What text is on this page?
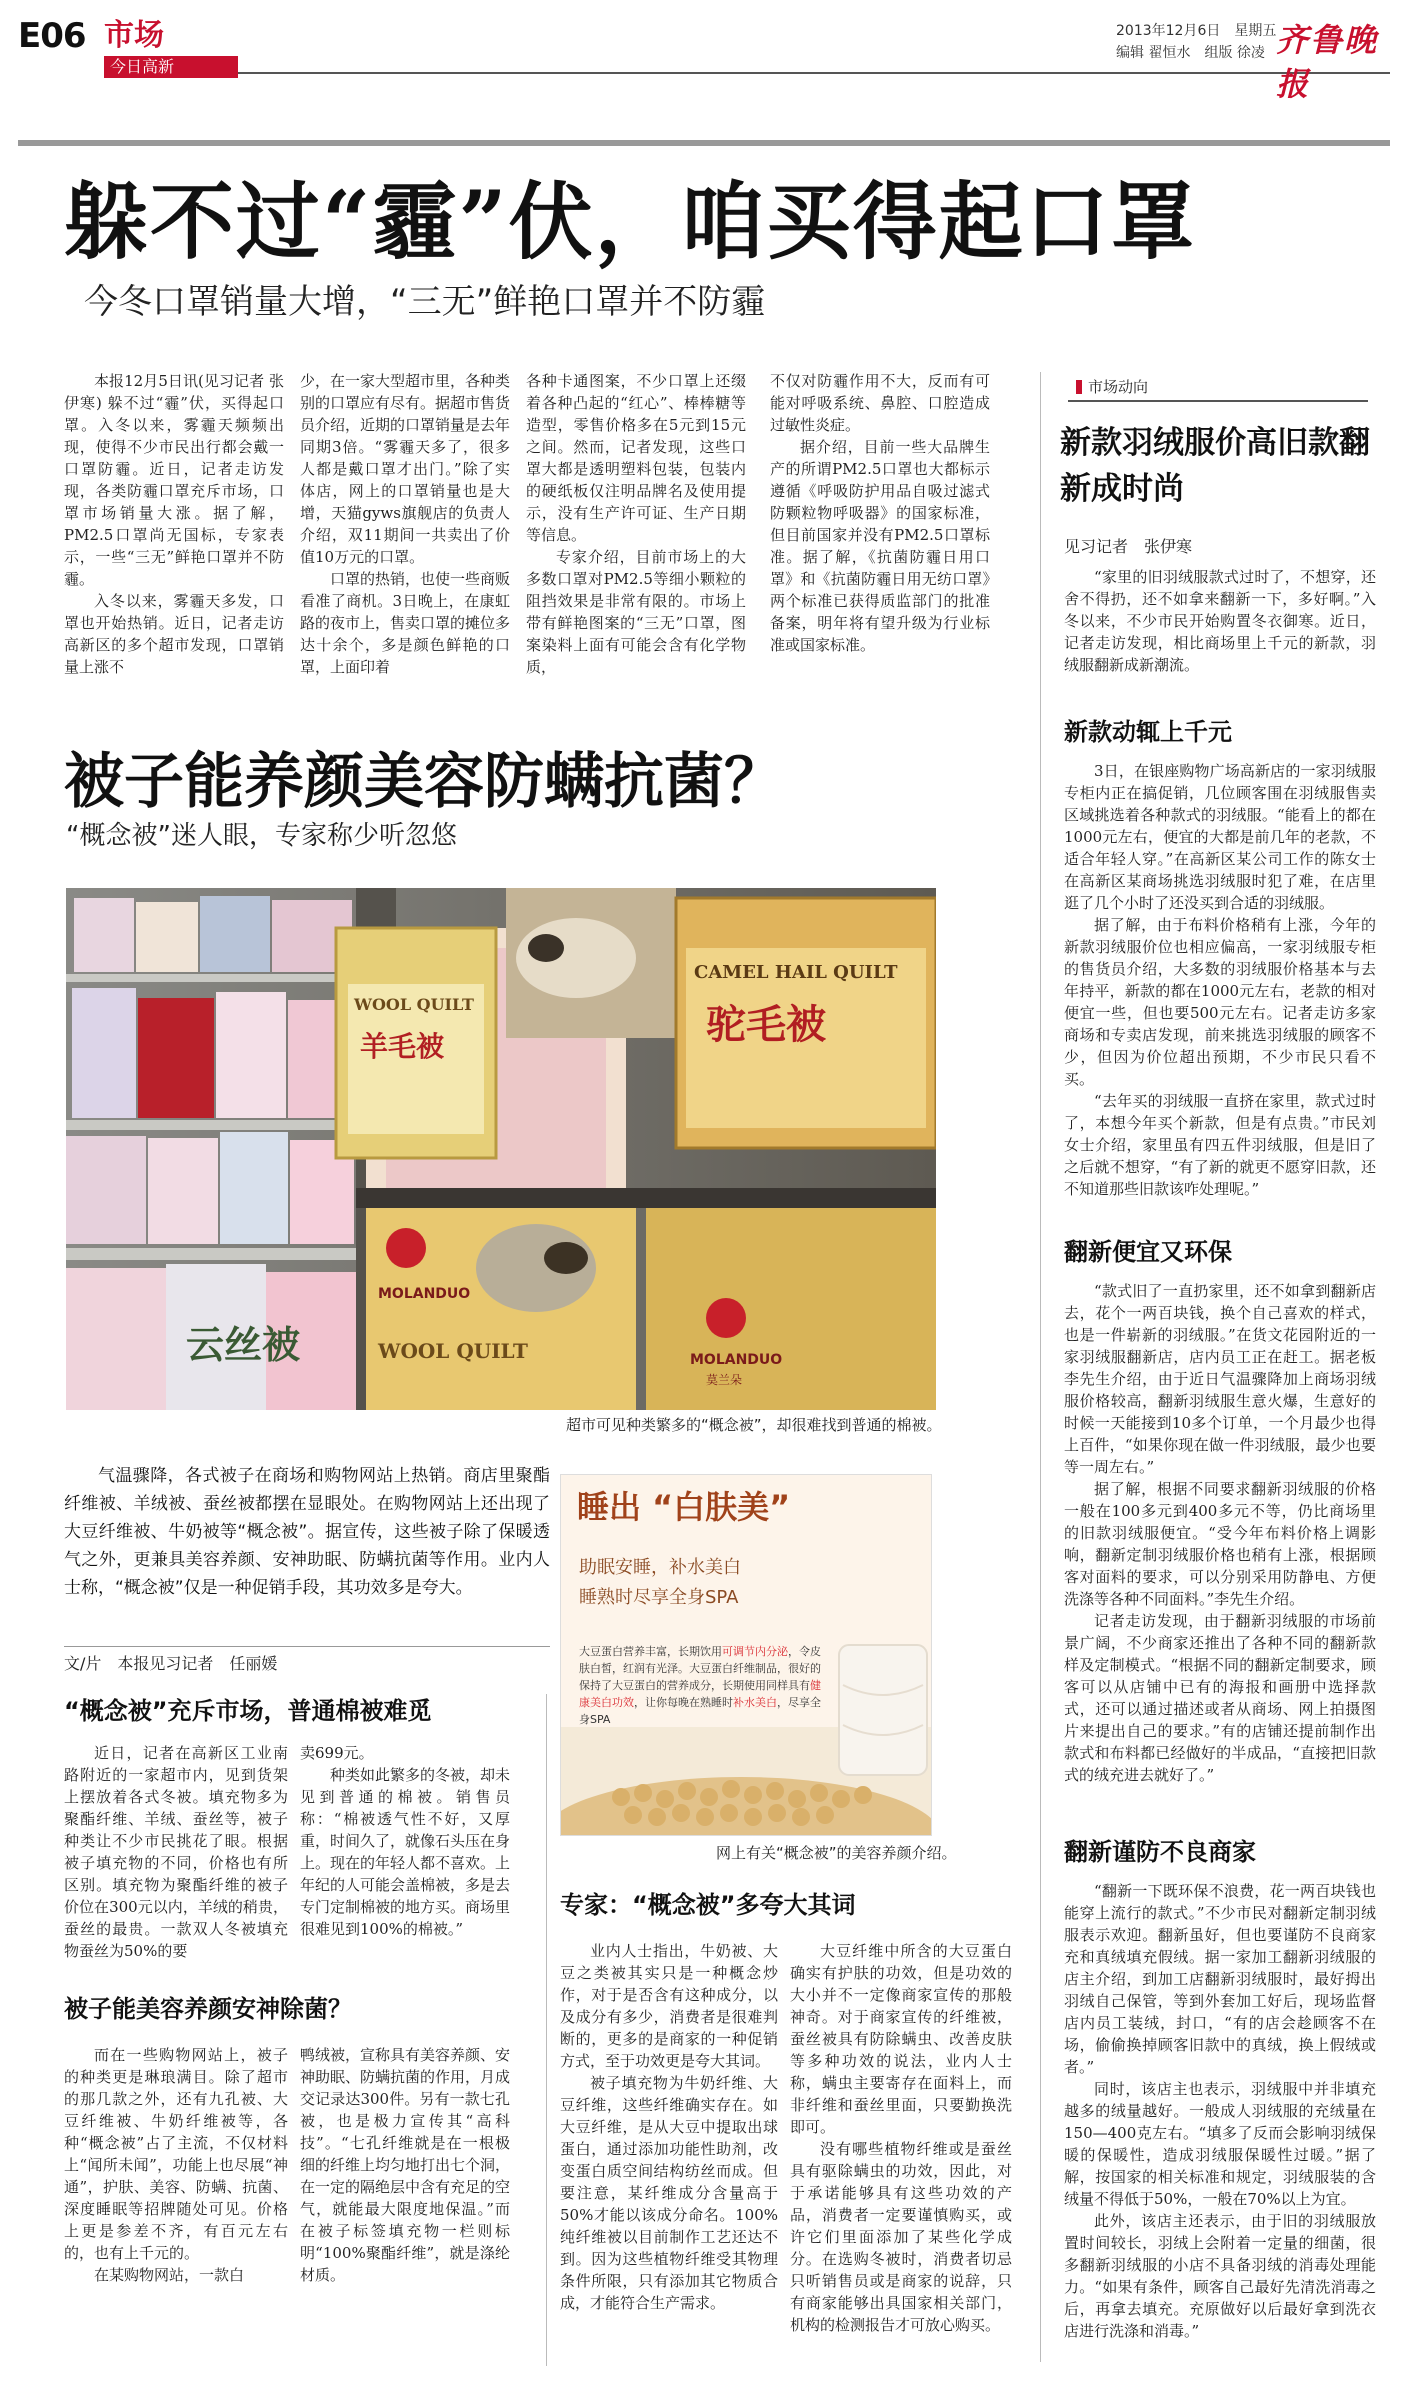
E06 市场
今日高新
2013年12月6日　星期五
编辑 翟恒水　组版 徐凌 齐鲁晚报
躲不过“霾”伏，咱买得起口罩
今冬口罩销量大增，“三无”鲜艳口罩并不防霾

本报12月5日讯(见习记者 张伊寒) 躲不过“霾”伏，买得起口罩。入冬以来，雾霾天频频出现，使得不少市民出行都会戴一口罩防霾。近日，记者走访发现，各类防霾口罩充斥市场，口罩市场销量大涨。据了解，PM2.5口罩尚无国标，专家表示，一些“三无”鲜艳口罩并不防霾。

入冬以来，雾霾天多发，口罩也开始热销。近日，记者走访高新区的多个超市发现，口罩销量上涨不

少，在一家大型超市里，各种类别的口罩应有尽有。据超市售货员介绍，近期的口罩销量是去年同期3倍。“雾霾天多了，很多人都是戴口罩才出门。”除了实体店，网上的口罩销量也是大增，天猫gyws旗舰店的负责人介绍，双11期间一共卖出了价值10万元的口罩。

口罩的热销，也使一些商贩看准了商机。3日晚上，在康虹路的夜市上，售卖口罩的摊位多达十余个，多是颜色鲜艳的口罩，上面印着

各种卡通图案，不少口罩上还缀着各种凸起的“红心”、棒棒糖等造型，零售价格多在5元到15元之间。然而，记者发现，这些口罩大都是透明塑料包装，包装内的硬纸板仅注明品牌名及使用提示，没有生产许可证、生产日期等信息。

专家介绍，目前市场上的大多数口罩对PM2.5等细小颗粒的阻挡效果是非常有限的。市场上带有鲜艳图案的“三无”口罩，图案染料上面有可能会含有化学物质，

不仅对防霾作用不大，反而有可能对呼吸系统、鼻腔、口腔造成过敏性炎症。

据介绍，目前一些大品牌生产的所谓PM2.5口罩也大都标示遵循《呼吸防护用品自吸过滤式防颗粒物呼吸器》的国家标准，但目前国家并没有PM2.5口罩标准。据了解，《抗菌防霾日用口罩》和《抗菌防霾日用无纺口罩》两个标准已获得质监部门的批准备案，明年将有望升级为行业标准或国家标准。

市场动向
新款羽绒服价高旧款翻新成时尚
见习记者　张伊寒

“家里的旧羽绒服款式过时了，不想穿，还舍不得扔，还不如拿来翻新一下，多好啊。”入冬以来，不少市民开始购置冬衣御寒。近日，记者走访发现，相比商场里上千元的新款，羽绒服翻新成新潮流。

新款动辄上千元

3日，在银座购物广场高新店的一家羽绒服专柜内正在搞促销，几位顾客围在羽绒服售卖区域挑选着各种款式的羽绒服。“能看上的都在1000元左右，便宜的大都是前几年的老款，不适合年轻人穿。”在高新区某公司工作的陈女士在高新区某商场挑选羽绒服时犯了难，在店里逛了几个小时了还没买到合适的羽绒服。

据了解，由于布料价格稍有上涨，今年的新款羽绒服价位也相应偏高，一家羽绒服专柜的售货员介绍，大多数的羽绒服价格基本与去年持平，新款的都在1000元左右，老款的相对便宜一些，但也要500元左右。记者走访多家商场和专卖店发现，前来挑选羽绒服的顾客不少，但因为价位超出预期，不少市民只看不买。

“去年买的羽绒服一直挤在家里，款式过时了，本想今年买个新款，但是有点贵。”市民刘女士介绍，家里虽有四五件羽绒服，但是旧了之后就不想穿，“有了新的就更不愿穿旧款，还不知道那些旧款该咋处理呢。”

翻新便宜又环保

“款式旧了一直扔家里，还不如拿到翻新店去，花个一两百块钱，换个自己喜欢的样式，也是一件崭新的羽绒服。”在货文花园附近的一家羽绒服翻新店，店内员工正在赶工。据老板李先生介绍，由于近日气温骤降加上商场羽绒服价格较高，翻新羽绒服生意火爆，生意好的时候一天能接到10多个订单，一个月最少也得上百件，“如果你现在做一件羽绒服，最少也要等一周左右。”

据了解，根据不同要求翻新羽绒服的价格一般在100多元到400多元不等，仍比商场里的旧款羽绒服便宜。“受今年布料价格上调影响，翻新定制羽绒服价格也稍有上涨，根据顾客对面料的要求，可以分别采用防静电、方便洗涤等各种不同面料。”李先生介绍。

记者走访发现，由于翻新羽绒服的市场前景广阔，不少商家还推出了各种不同的翻新款样及定制模式。“根据不同的翻新定制要求，顾客可以从店铺中已有的海报和画册中选择款式，还可以通过描述或者从商场、网上拍摄图片来提出自己的要求。”有的店铺还提前制作出款式和布料都已经做好的半成品，“直接把旧款式的绒充进去就好了。”

翻新谨防不良商家

“翻新一下既环保不浪费，花一两百块钱也能穿上流行的款式。”不少市民对翻新定制羽绒服表示欢迎。翻新虽好，但也要谨防不良商家充和真绒填充假绒。据一家加工翻新羽绒服的店主介绍，到加工店翻新羽绒服时，最好拇出羽绒自己保管，等到外套加工好后，现场监督店内员工装绒，封口，“有的店会趁顾客不在场，偷偷换掉顾客旧款中的真绒，换上假绒或者。”

同时，该店主也表示，羽绒服中并非填充越多的绒量越好。一般成人羽绒服的充绒量在150—400克左右。“填多了反而会影响羽绒保暖的保暖性，造成羽绒服保暖性过暖。”据了解，按国家的相关标准和规定，羽绒服装的含绒量不得低于50%，一般在70%以上为宜。

此外，该店主还表示，由于旧的羽绒服放置时间较长，羽绒上会附着一定量的细菌，很多翻新羽绒服的小店不具备羽绒的消毒处理能力。“如果有条件，顾客自己最好先清洗消毒之后，再拿去填充。充原做好以后最好拿到洗衣店进行洗涤和消毒。”

被子能养颜美容防螨抗菌？
“概念被”迷人眼，专家称少听忽悠
云丝被
WOOL QUILT
羊毛被
CAMEL HAIL QUILT
驼毛被
MOLANDUO
WOOL QUILT	MOLANDUO
莫兰朵
超市可见种类繁多的“概念被”，却很难找到普通的棉被。

气温骤降，各式被子在商场和购物网站上热销。商店里聚酯纤维被、羊绒被、蚕丝被都摆在显眼处。在购物网站上还出现了大豆纤维被、牛奶被等“概念被”。据宣传，这些被子除了保暖透气之外，更兼具美容养颜、安神助眠、防螨抗菌等作用。业内人士称，“概念被”仅是一种促销手段，其功效多是夸大。

文/片　本报见习记者　任丽媛
“概念被”充斥市场，普通棉被难觅

近日，记者在高新区工业南路附近的一家超市内，见到货架上摆放着各式冬被。填充物多为聚酯纤维、羊绒、蚕丝等，被子种类让不少市民挑花了眼。根据被子填充物的不同，价格也有所区别。填充物为聚酯纤维的被子价位在300元以内，羊绒的稍贵，蚕丝的最贵。一款双人冬被填充物蚕丝为50%的要

卖699元。

种类如此繁多的冬被，却未见到普通的棉被。销售员称：“棉被透气性不好，又厚重，时间久了，就像石头压在身上。现在的年轻人都不喜欢。上年纪的人可能会盖棉被，多是去专门定制棉被的地方买。商场里很难见到100%的棉被。”

被子能美容养颜安神除菌？

而在一些购物网站上，被子的种类更是琳琅满目。除了超市的那几款之外，还有九孔被、大豆纤维被、牛奶纤维被等，各种“概念被”占了主流，不仅材料上“闻所未闻”，功能上也尽展“神通”，护肤、美容、防螨、抗菌、深度睡眠等招牌随处可见。价格上更是参差不齐，有百元左右的，也有上千元的。

在某购物网站，一款白

鸭绒被，宣称具有美容养颜、安神助眠、防螨抗菌的作用，月成交记录达300件。另有一款七孔被，也是极力宣传其“高科技”。“七孔纤维就是在一根极细的纤维上均匀地打出七个洞，在一定的隔绝层中含有充足的空气，就能最大限度地保温。”而在被子标签填充物一栏则标明“100%聚酯纤维”，就是涤纶材质。

睡出 “白肤美”
助眠安睡，补水美白
睡熟时尽享全身SPA
大豆蛋白营养丰富，长期饮用可调节内分泌，令皮肤白皙，红润有光泽。大豆蛋白纤维制品，很好的保持了大豆蛋白的营养成分，长期使用同样具有健康美白功效，让你每晚在熟睡时补水美白，尽享全身SPA
网上有关“概念被”的美容养颜介绍。
专家：“概念被”多夸大其词

业内人士指出，牛奶被、大豆之类被其实只是一种概念炒作，对于是否含有这种成分，以及成分有多少，消费者是很难判断的，更多的是商家的一种促销方式，至于功效更是夸大其词。

被子填充物为牛奶纤维、大豆纤维，这些纤维确实存在。如大豆纤维，是从大豆中提取出球蛋白，通过添加功能性助剂，改变蛋白质空间结构纺丝而成。但要注意，某纤维成分含量高于50%才能以该成分命名。100%纯纤维被以目前制作工艺还达不到。因为这些植物纤维受其物理条件所限，只有添加其它物质合成，才能符合生产需求。

大豆纤维中所含的大豆蛋白确实有护肤的功效，但是功效的大小并不一定像商家宣传的那般神奇。对于商家宣传的纤维被，蚕丝被具有防除螨虫、改善皮肤等多种功效的说法，业内人士称，螨虫主要寄存在面料上，而非纤维和蚕丝里面，只要勤换洗即可。

没有哪些植物纤维或是蚕丝具有驱除螨虫的功效，因此，对于承诺能够具有这些功效的产品，消费者一定要谨慎购买，或许它们里面添加了某些化学成分。在选购冬被时，消费者切忌只听销售员或是商家的说辞，只有商家能够出具国家相关部门，机构的检测报告才可放心购买。
